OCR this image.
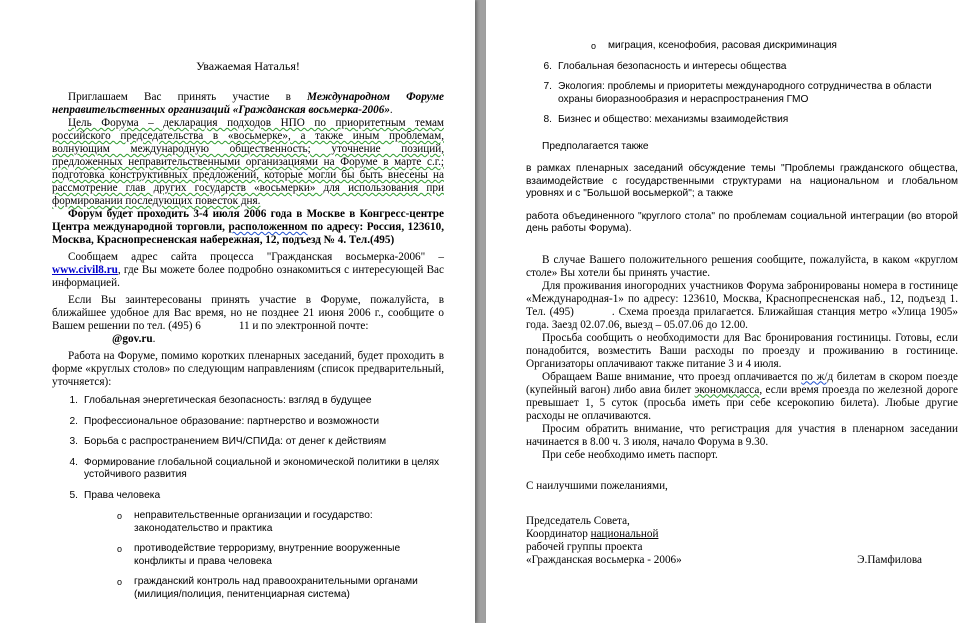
Уважаемая Наталья!

Приглашаем Вас принять участие в Международном Форуме неправительственных организаций «Гражданская восьмерка-2006».

Цель Форума – декларация подходов НПО по приоритетным темам российского председательства в «восьмерке», а также иным проблемам, волнующим международную общественность; уточнение позиций, предложенных неправительственными организациями на Форуме в марте с.г.; подготовка конструктивных предложений, которые могли бы быть внесены на рассмотрение глав других государств «восьмерки» для использования при формировании последующих повесток дня.

Форум будет проходить 3-4 июля 2006 года в Москве в Конгресс-центре Центра международной торговли, расположенном по адресу: Россия, 123610, Москва, Краснопресненская набережная, 12, подъезд № 4. Тел.(495)

Сообщаем адрес сайта процесса "Гражданская восьмерка-2006" – www.civil8.ru, где Вы можете более подробно ознакомиться с интересующей Вас информацией.

Если Вы заинтересованы принять участие в Форуме, пожалуйста, в ближайшее удобное для Вас время, но не позднее 21 июня 2006 г., сообщите о Вашем решении по тел. (495) 6	11 и по электронной почте:
@gov.ru.

Работа на Форуме, помимо коротких пленарных заседаний, будет проходить в форме «круглых столов» по следующим направлениям (список предварительный, уточняется):

1. Глобальная энергетическая безопасность: взгляд в будущее
2. Профессиональное образование: партнерство и возможности
3. Борьба с распространением ВИЧ/СПИДа: от денег к действиям
4. Формирование глобальной социальной и экономической политики в целях устойчивого развития
5. Права человека
o	неправительственные организации и государство: законодательство и практика
o	противодействие терроризму, внутренние вооруженные конфликты и права человека
o	гражданский контроль над правоохранительными органами (милиция/полиция, пенитенциарная система)
o	миграция, ксенофобия, расовая дискриминация
6. Глобальная безопасность и интересы общества
7. Экология: проблемы и приоритеты международного сотрудничества в области охраны биоразнообразия и нераспространения ГМО
8. Бизнес и общество: механизмы взаимодействия

Предполагается также

в рамках пленарных заседаний обсуждение темы "Проблемы гражданского общества, взаимодействие с государственными структурами на национальном и глобальном уровнях и с "Большой восьмеркой"; а также

работа объединенного "круглого стола" по проблемам социальной интеграции (во второй день работы Форума).

В случае Вашего положительного решения сообщите, пожалуйста, в каком «круглом столе» Вы хотели бы принять участие.

Для проживания иногородних участников Форума забронированы номера в гостинице «Международная-1» по адресу: 123610, Москва, Краснопресненская наб., 12, подъезд 1. Тел. (495)	. Схема проезда прилагается. Ближайшая станция метро «Улица 1905» года. Заезд 02.07.06, выезд – 05.07.06 до 12.00.

Просьба сообщить о необходимости для Вас бронирования гостиницы. Готовы, если понадобится, возместить Ваши расходы по проезду и проживанию в гостинице. Организаторы оплачивают также питание 3 и 4 июля.

Обращаем Ваше внимание, что проезд оплачивается по ж/д билетам в скором поезде (купейный вагон) либо авиа билет экономкласса, если время проезда по железной дороге превышает 1, 5 суток (просьба иметь при себе ксерокопию билета). Любые другие расходы не оплачиваются.

Просим обратить внимание, что регистрация для участия в пленарном заседании начинается в 8.00 ч. 3 июля, начало Форума в 9.30.

При себе необходимо иметь паспорт.

С наилучшими пожеланиями,

Председатель Совета,

Координатор национальной

рабочей группы проекта

«Гражданская восьмерка - 2006»	Э.Памфилова
